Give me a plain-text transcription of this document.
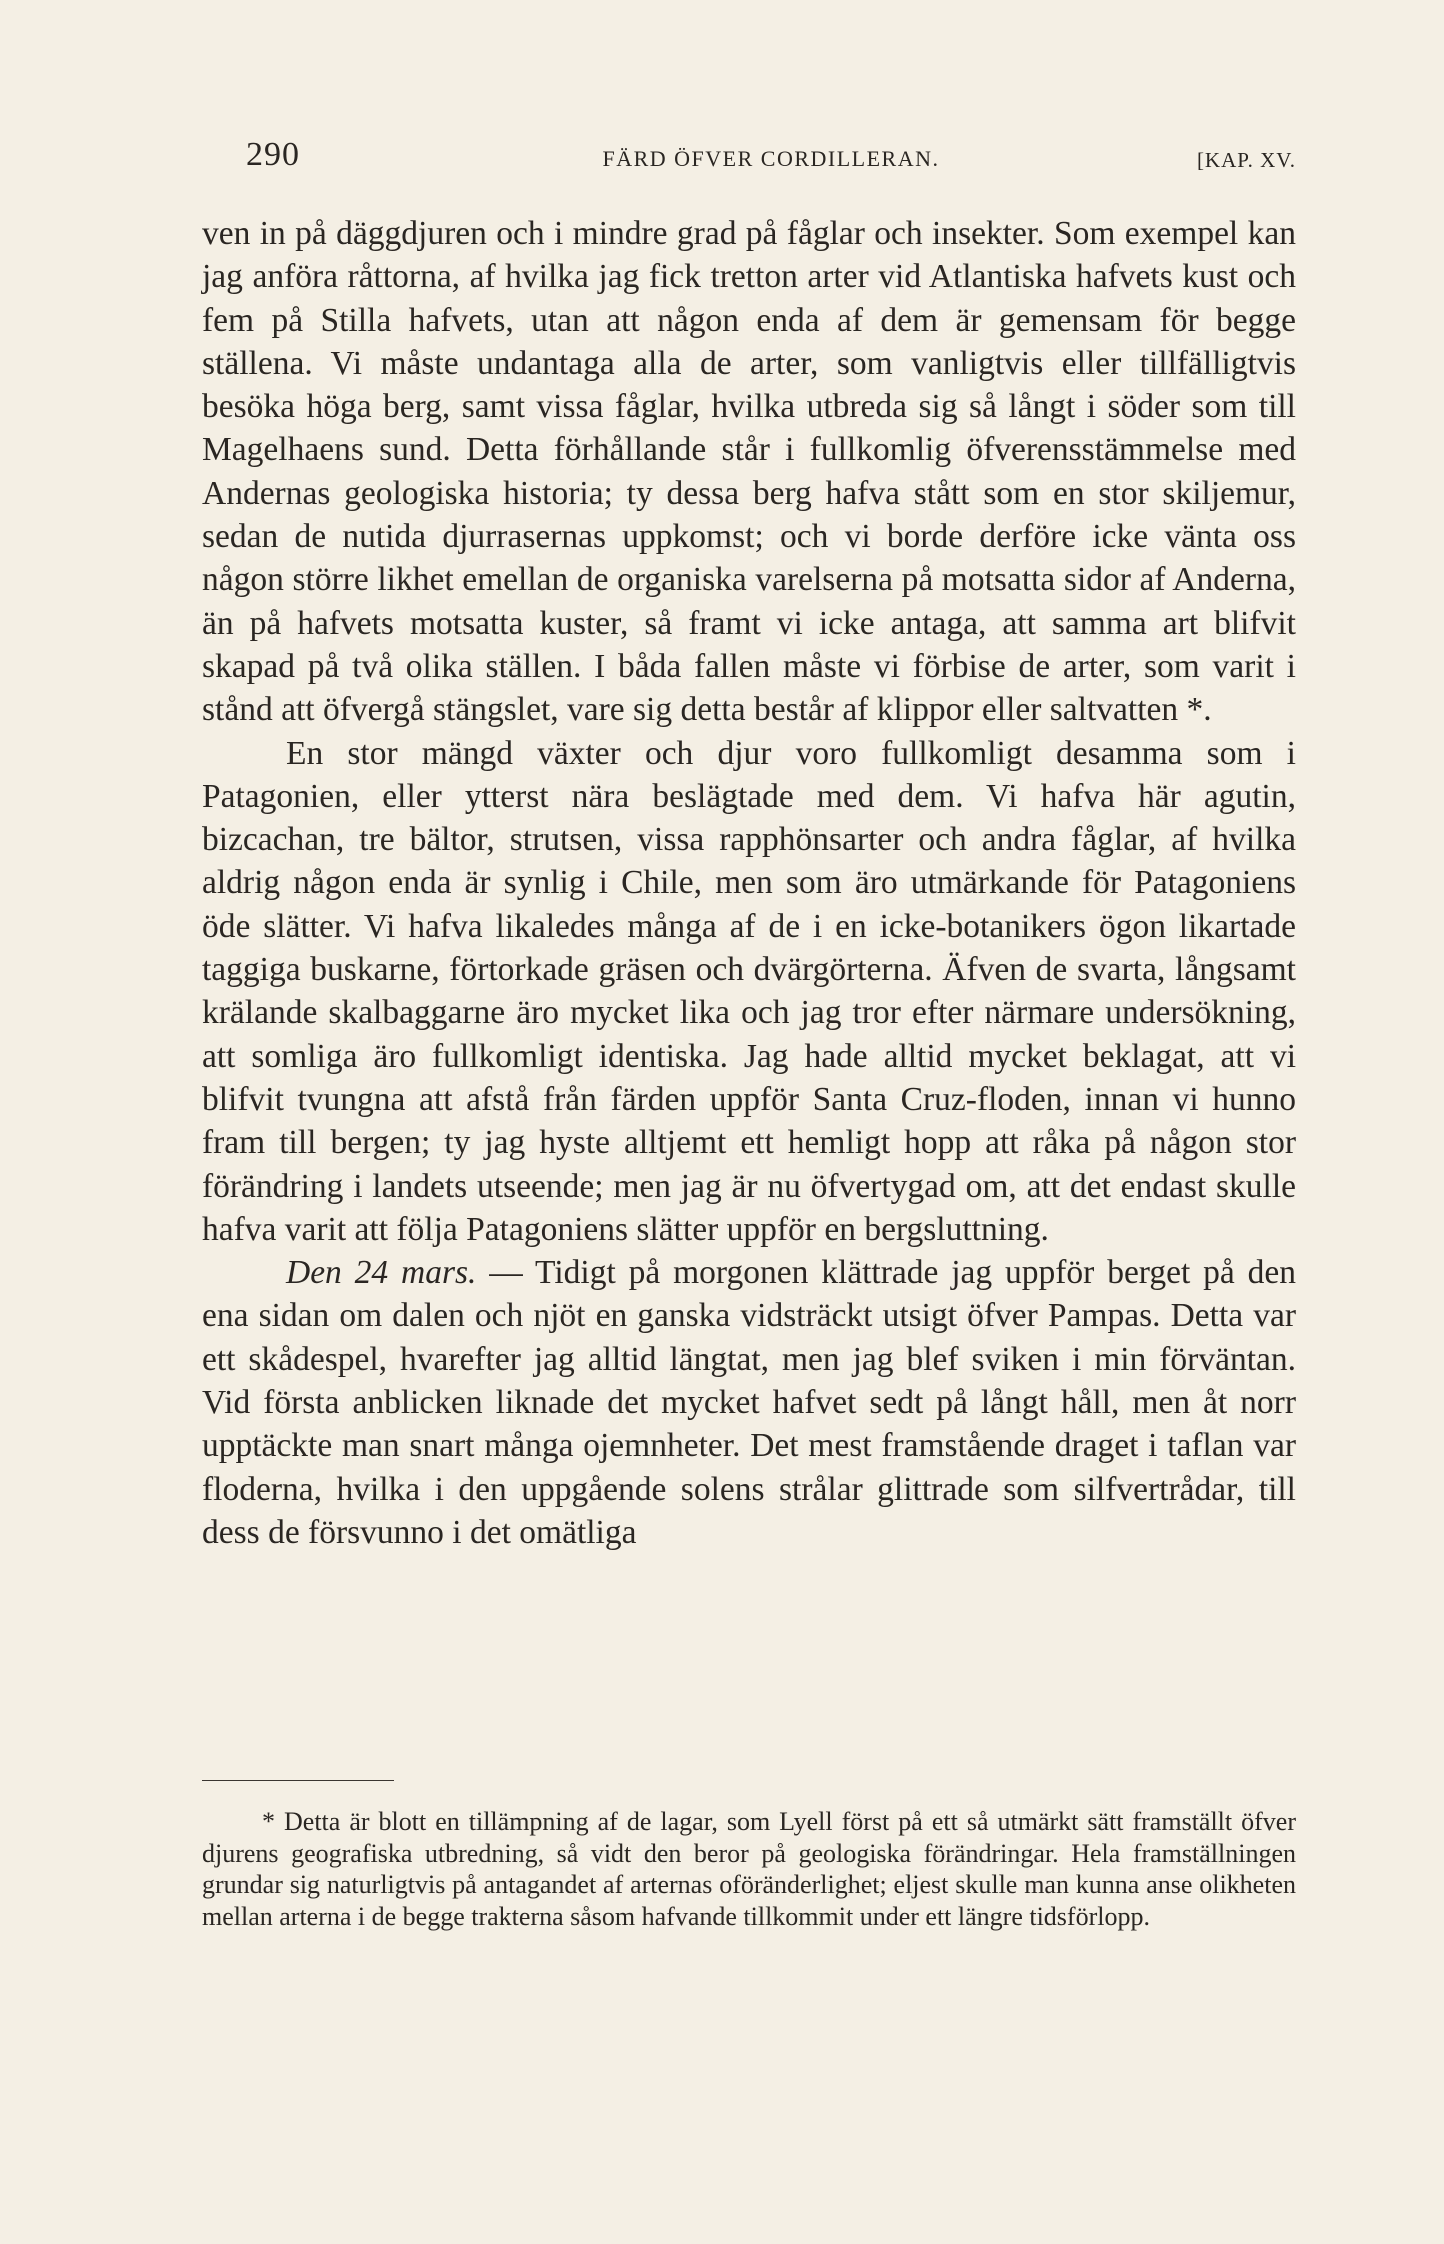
290	FÄRD ÖFVER CORDILLERAN.	[KAP. XV.

ven in på däggdjuren och i mindre grad på fåglar och insekter. Som exempel kan jag anföra råttorna, af hvilka jag fick tretton arter vid Atlantiska hafvets kust och fem på Stilla hafvets, utan att någon enda af dem är gemensam för begge ställena. Vi måste undantaga alla de arter, som vanligtvis eller tillfälligtvis besöka höga berg, samt vissa fåglar, hvilka utbreda sig så långt i söder som till Magelhaens sund. Detta förhållande står i fullkomlig öfverensstämmelse med Andernas geologiska historia; ty dessa berg hafva stått som en stor skiljemur, sedan de nutida djurrasernas uppkomst; och vi borde derföre icke vänta oss någon större likhet emellan de organiska varelserna på motsatta sidor af Anderna, än på hafvets motsatta kuster, så framt vi icke antaga, att samma art blifvit skapad på två olika ställen. I båda fallen måste vi förbise de arter, som varit i stånd att öfvergå stängslet, vare sig detta består af klippor eller saltvatten *.

En stor mängd växter och djur voro fullkomligt desamma som i Patagonien, eller ytterst nära beslägtade med dem. Vi hafva här agutin, bizcachan, tre bältor, strutsen, vissa rapphönsarter och andra fåglar, af hvilka aldrig någon enda är synlig i Chile, men som äro utmärkande för Patagoniens öde slätter. Vi hafva likaledes många af de i en icke-botanikers ögon likartade taggiga buskarne, förtorkade gräsen och dvärgörterna. Äfven de svarta, långsamt krälande skalbaggarne äro mycket lika och jag tror efter närmare undersökning, att somliga äro fullkomligt identiska. Jag hade alltid mycket beklagat, att vi blifvit tvungna att afstå från färden uppför Santa Cruz-floden, innan vi hunno fram till bergen; ty jag hyste alltjemt ett hemligt hopp att råka på någon stor förändring i landets utseende; men jag är nu öfvertygad om, att det endast skulle hafva varit att följa Patagoniens slätter uppför en bergsluttning.

Den 24 mars. — Tidigt på morgonen klättrade jag uppför berget på den ena sidan om dalen och njöt en ganska vidsträckt utsigt öfver Pampas. Detta var ett skådespel, hvarefter jag alltid längtat, men jag blef sviken i min förväntan. Vid första anblicken liknade det mycket hafvet sedt på långt håll, men åt norr upptäckte man snart många ojemnheter. Det mest framstående draget i taflan var floderna, hvilka i den uppgående solens strålar glittrade som silfvertrådar, till dess de försvunno i det omätliga

* Detta är blott en tillämpning af de lagar, som Lyell först på ett så utmärkt sätt framställt öfver djurens geografiska utbredning, så vidt den beror på geologiska förändringar. Hela framställningen grundar sig naturligtvis på antagandet af arternas oföränderlighet; eljest skulle man kunna anse olikheten mellan arterna i de begge trakterna såsom hafvande tillkommit under ett längre tidsförlopp.
